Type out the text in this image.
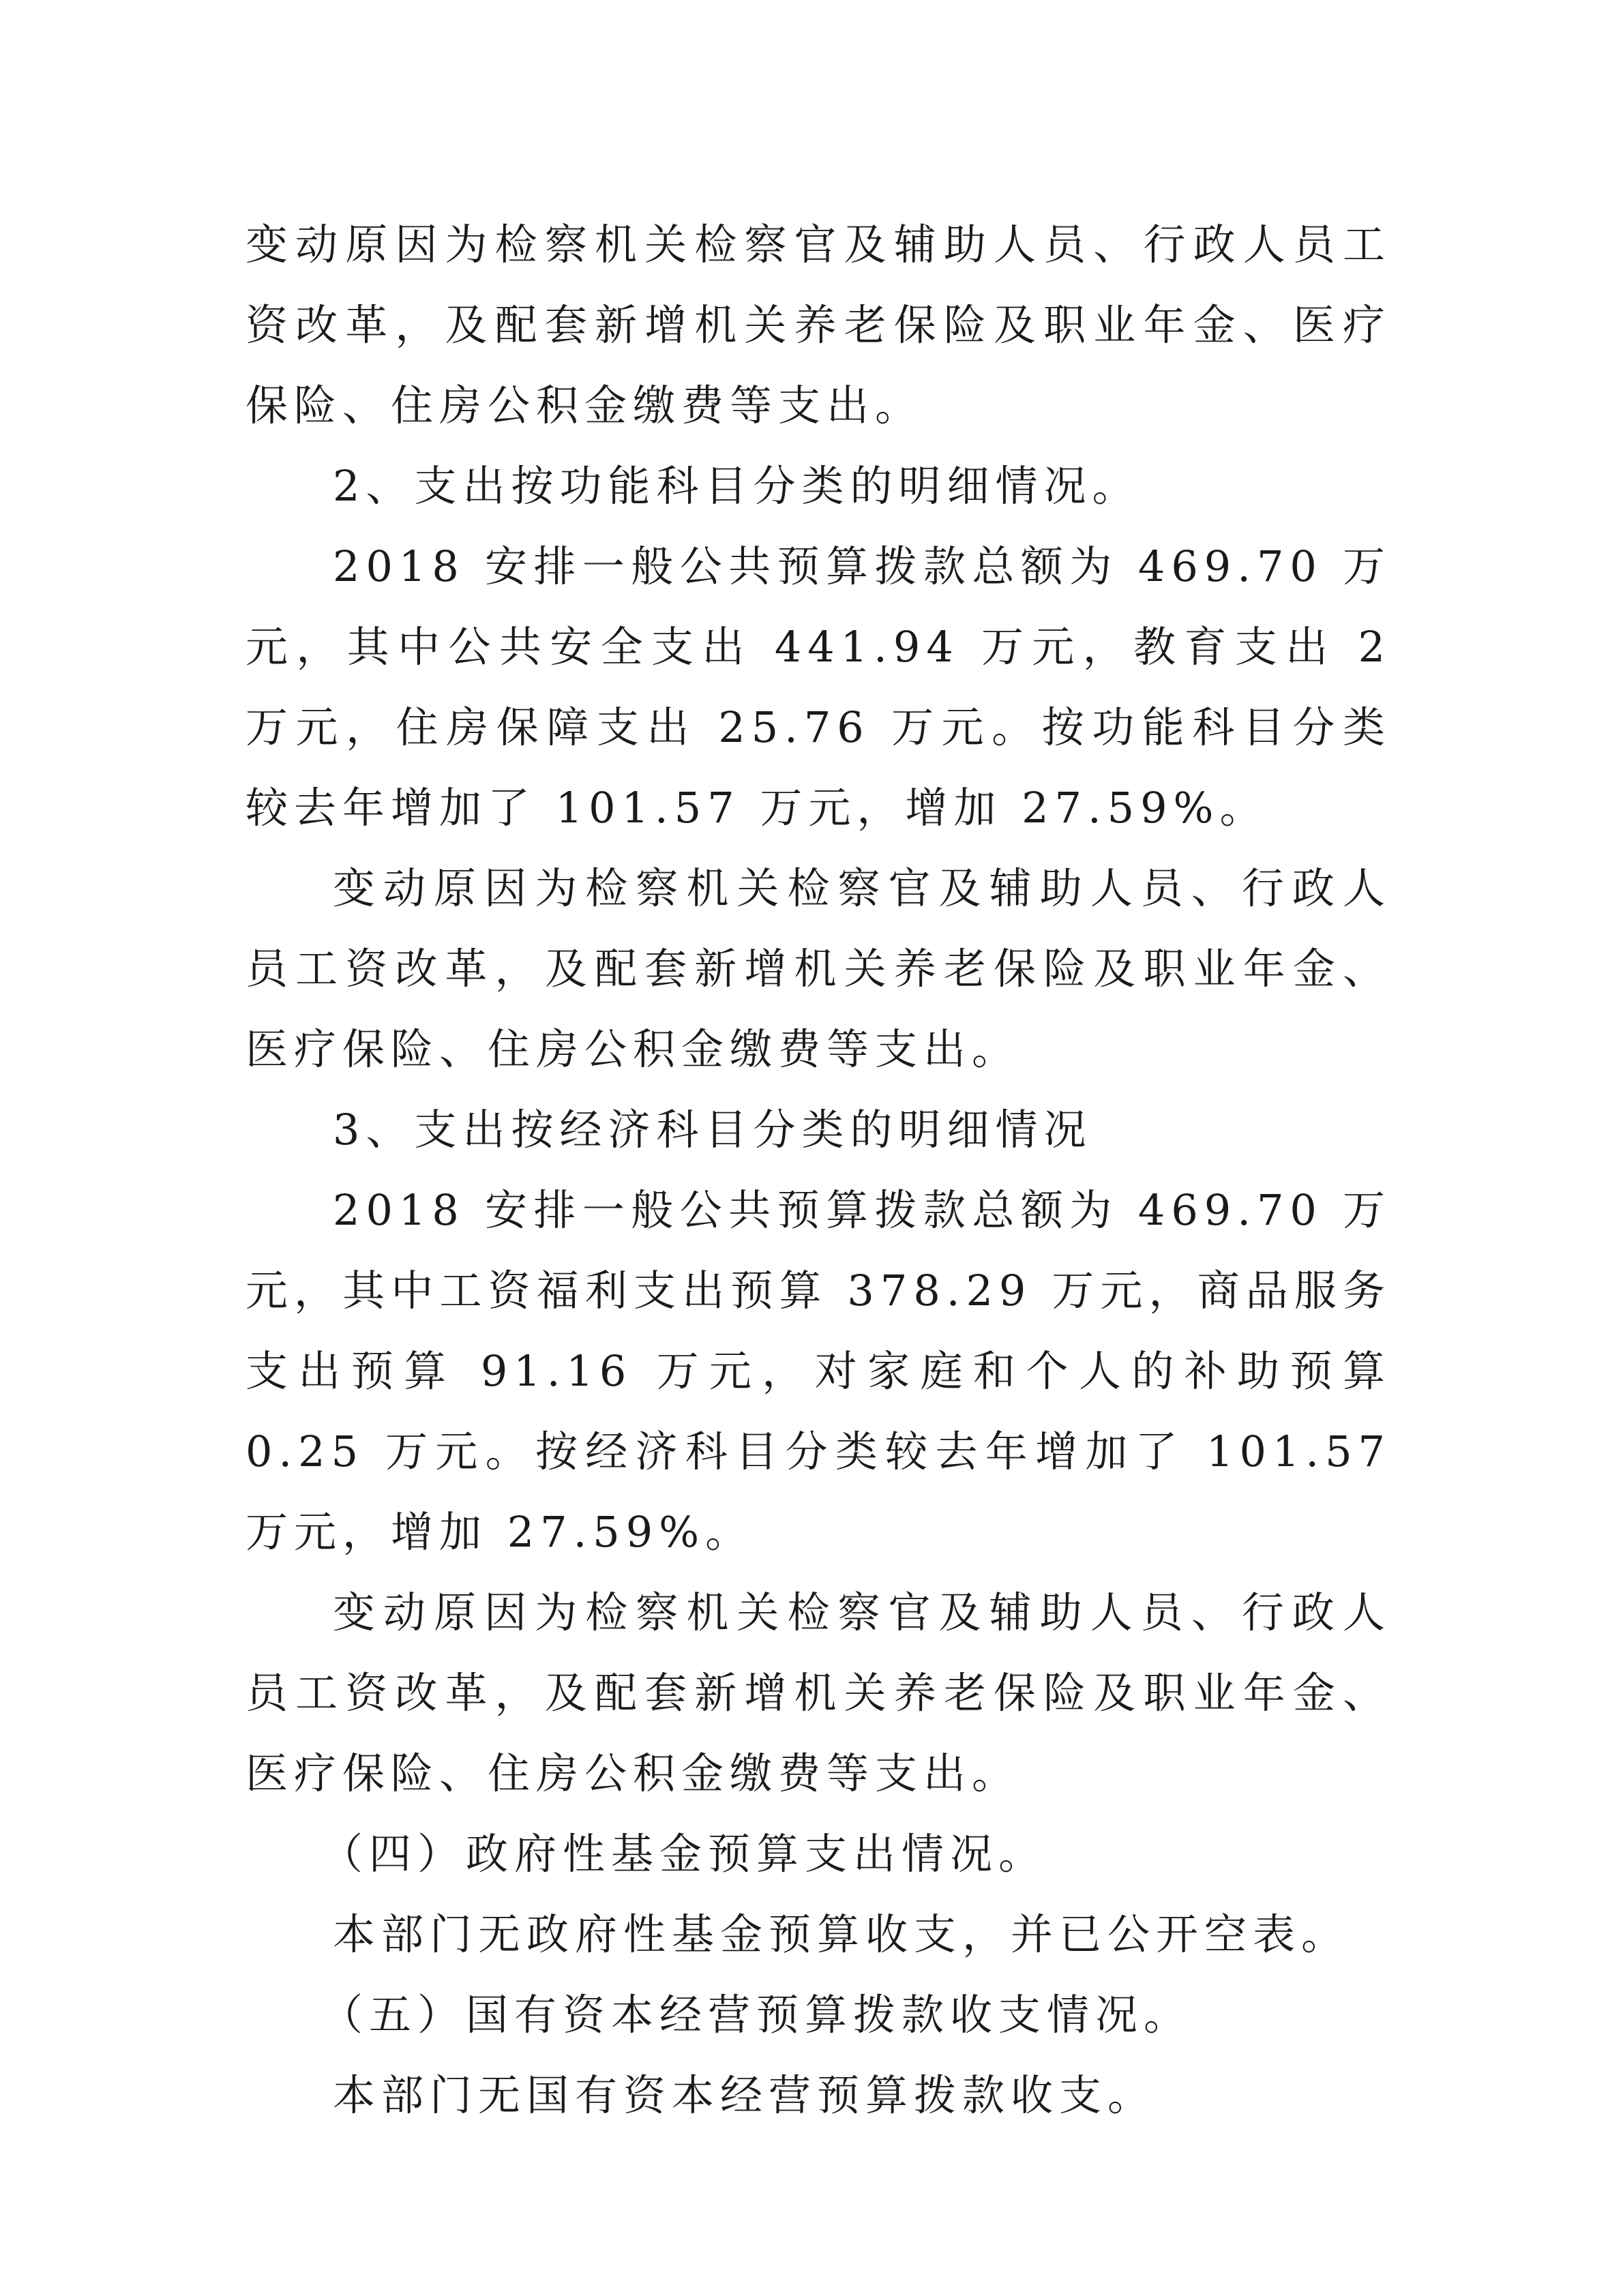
变动原因为检察机关检察官及辅助人员、行政人员工资改革，及配套新增机关养老保险及职业年金、医疗保险、住房公积金缴费等支出。

2、支出按功能科目分类的明细情况。

2018 安排一般公共预算拨款总额为 469.70 万元，其中公共安全支出 441.94 万元，教育支出 2 万元，住房保障支出 25.76 万元。按功能科目分类较去年增加了 101.57 万元，增加 27.59%。

变动原因为检察机关检察官及辅助人员、行政人员工资改革，及配套新增机关养老保险及职业年金、医疗保险、住房公积金缴费等支出。

3、支出按经济科目分类的明细情况

2018 安排一般公共预算拨款总额为 469.70 万元，其中工资福利支出预算 378.29 万元，商品服务支出预算 91.16 万元，对家庭和个人的补助预算 0.25 万元。按经济科目分类较去年增加了 101.57 万元，增加 27.59%。

变动原因为检察机关检察官及辅助人员、行政人员工资改革，及配套新增机关养老保险及职业年金、医疗保险、住房公积金缴费等支出。

（四）政府性基金预算支出情况。

本部门无政府性基金预算收支，并已公开空表。

（五）国有资本经营预算拨款收支情况。

本部门无国有资本经营预算拨款收支。
